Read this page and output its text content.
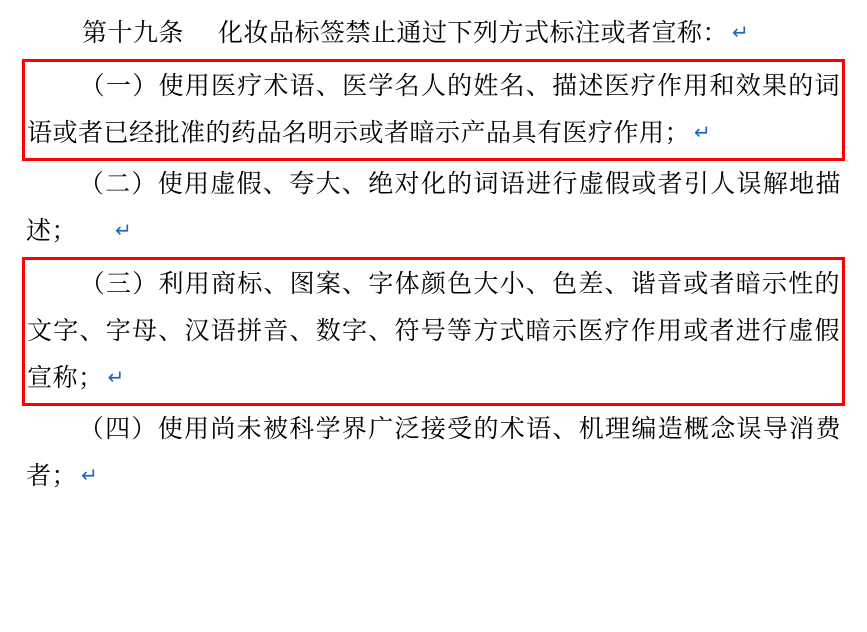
第十九条 化妆品标签禁止通过下列方式标注或者宣称： ↵

（一）使用医疗术语、医学名人的姓名、描述医疗作用和效果的词语或者已经批准的药品名明示或者暗示产品具有医疗作用； ↵

（二）使用虚假、夸大、绝对化的词语进行虚假或者引人误解地描述； ↵

（三）利用商标、图案、字体颜色大小、色差、谐音或者暗示性的文字、字母、汉语拼音、数字、符号等方式暗示医疗作用或者进行虚假宣称； ↵

（四）使用尚未被科学界广泛接受的术语、机理编造概念误导消费者； ↵
